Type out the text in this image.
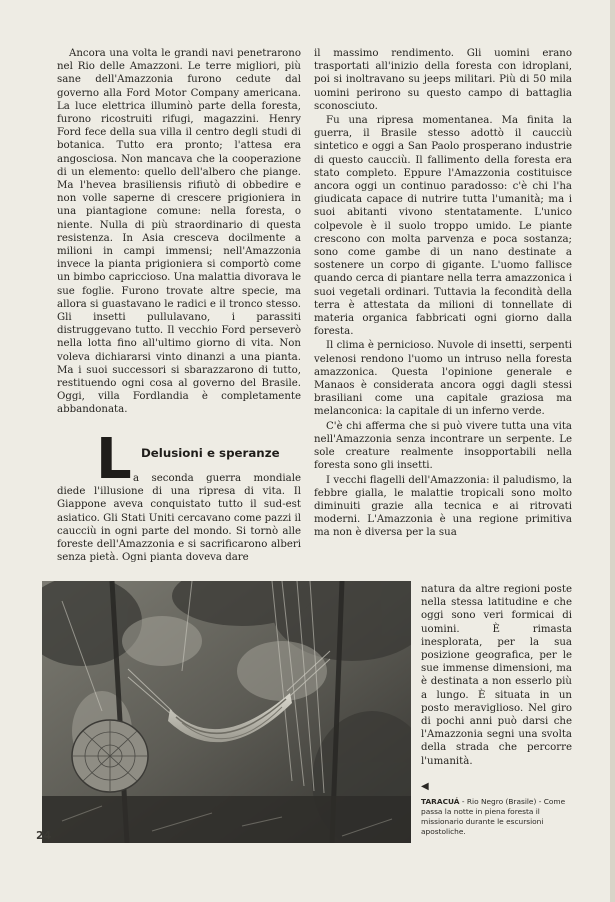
Ancora una volta le grandi navi penetrarono nel Rio delle Amazzoni. Le terre migliori, più sane dell'Amazzonia furono cedute dal governo alla Ford Motor Company americana. La luce elettrica illuminò parte della foresta, furono ricostruiti rifugi, magazzini. Henry Ford fece della sua villa il centro degli studi di botanica. Tutto era pronto; l'attesa era angosciosa. Non mancava che la cooperazione di un elemento: quello dell'albero che piange. Ma l'hevea brasiliensis rifiutò di obbedire e non volle saperne di crescere prigioniera in una piantagione comune: nella foresta, o niente. Nulla di più straordinario di questa resistenza. In Asia cresceva docilmente a milioni in campi immensi; nell'Amazzonia invece la pianta prigioniera si comportò come un bimbo capriccioso. Una malattia divorava le sue foglie. Furono trovate altre specie, ma allora si guastavano le radici e il tronco stesso. Gli insetti pullulavano, i parassiti distruggevano tutto. Il vecchio Ford perseverò nella lotta fino all'ultimo giorno di vita. Non voleva dichiararsi vinto dinanzi a una pianta. Ma i suoi successori si sbarazzarono di tutto, restituendo ogni cosa al governo del Brasile. Oggi, villa Fordlandia è completamente abbandonata.

L Delusioni e speranze

a seconda guerra mondiale diede l'illusione di una ripresa di vita. Il Giappone aveva conquistato tutto il sud-est asiatico. Gli Stati Uniti cercavano come pazzi il caucciù in ogni parte del mondo. Si tornò alle foreste dell'Amazzonia e si sacrificarono alberi senza pietà. Ogni pianta doveva dare

il massimo rendimento. Gli uomini erano trasportati all'inizio della foresta con idroplani, poi si inoltravano su jeeps militari. Più di 50 mila uomini perirono su questo campo di battaglia sconosciuto.

Fu una ripresa momentanea. Ma finita la guerra, il Brasile stesso adottò il caucciù sintetico e oggi a San Paolo prosperano industrie di questo caucciù. Il fallimento della foresta era stato completo. Eppure l'Amazzonia costituisce ancora oggi un continuo paradosso: c'è chi l'ha giudicata capace di nutrire tutta l'umanità; ma i suoi abitanti vivono stentatamente. L'unico colpevole è il suolo troppo umido. Le piante crescono con molta parvenza e poca sostanza; sono come gambe di un nano destinate a sostenere un corpo di gigante. L'uomo fallisce quando cerca di piantare nella terra amazzonica i suoi vegetali ordinari. Tuttavia la fecondità della terra è attestata da milioni di tonnellate di materia organica fabbricati ogni giorno dalla foresta.

Il clima è pernicioso. Nuvole di insetti, serpenti velenosi rendono l'uomo un intruso nella foresta amazzonica. Questa l'opinione generale e Manaos è considerata ancora oggi dagli stessi brasiliani come una capitale graziosa ma melanconica: la capitale di un inferno verde.

C'è chi afferma che si può vivere tutta una vita nell'Amazzonia senza incontrare un serpente. Le sole creature realmente insopportabili nella foresta sono gli insetti.

I vecchi flagelli dell'Amazzonia: il paludismo, la febbre gialla, le malattie tropicali sono molto diminuiti grazie alla tecnica e ai ritrovati moderni. L'Amazzonia è una regione primitiva ma non è diversa per la sua

natura da altre regioni poste nella stessa latitudine e che oggi sono veri formicai di uomini. È rimasta inesplorata, per la sua posizione geografica, per le sue immense dimensioni, ma è destinata a non esserlo più a lungo. È situata in un posto meraviglioso. Nel giro di pochi anni può darsi che l'Amazzonia segni una svolta della strada che percorre l'umanità.

◀
TARACUÁ - Rio Negro (Brasile) - Come passa la notte in piena foresta il missionario durante le escursioni apostoliche.
24
